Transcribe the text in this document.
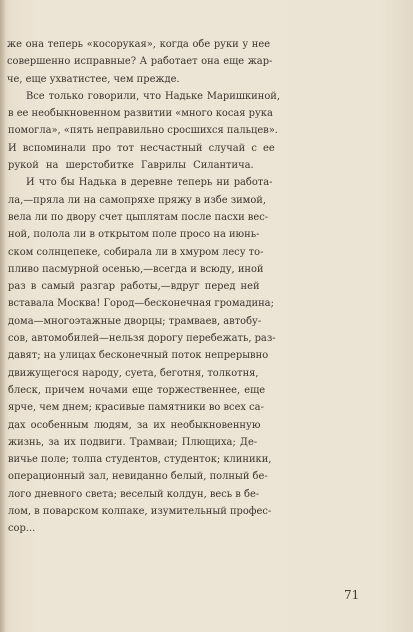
же она теперь «косорукая», когда обе руки у нее
совершенно исправные? А работает она еще жар-
че, еще ухватистее, чем прежде.
Все только говорили, что Надьке Маришкиной,
в ее необыкновенном развитии «много косая рука
помогла», «пять неправильно сросшихся пальцев».
И вспоминали про тот несчастный случай с ее
рукой на шерстобитке Гаврилы Силантича.
И что бы Надька в деревне теперь ни работа-
ла,—пряла ли на самопряхе пряжу в избе зимой,
вела ли по двору счет цыплятам после пасхи вес-
ной, полола ли в открытом поле просо на июнь-
ском солнцепеке, собирала ли в хмуром лесу то-
пливо пасмурной осенью,—всегда и всюду, иной
раз в самый разгар работы,—вдруг перед ней
вставала Москва! Город—бесконечная громадина;
дома—многоэтажные дворцы; трамваев, автобу-
сов, автомобилей—нельзя дорогу перебежать, раз-
давят; на улицах бесконечный поток непрерывно
движущегося народу, суета, беготня, толкотня,
блеск, причем ночами еще торжественнее, еще
ярче, чем днем; красивые памятники во всех са-
дах особенным людям, за их необыкновенную
жизнь, за их подвиги. Трамваи; Плющиха; Де-
вичье поле; толпа студентов, студенток; клиники,
операционный зал, невиданно белый, полный бе-
лого дневного света; веселый колдун, весь в бе-
лом, в поварском колпаке, изумительный профес-
сор...
71
